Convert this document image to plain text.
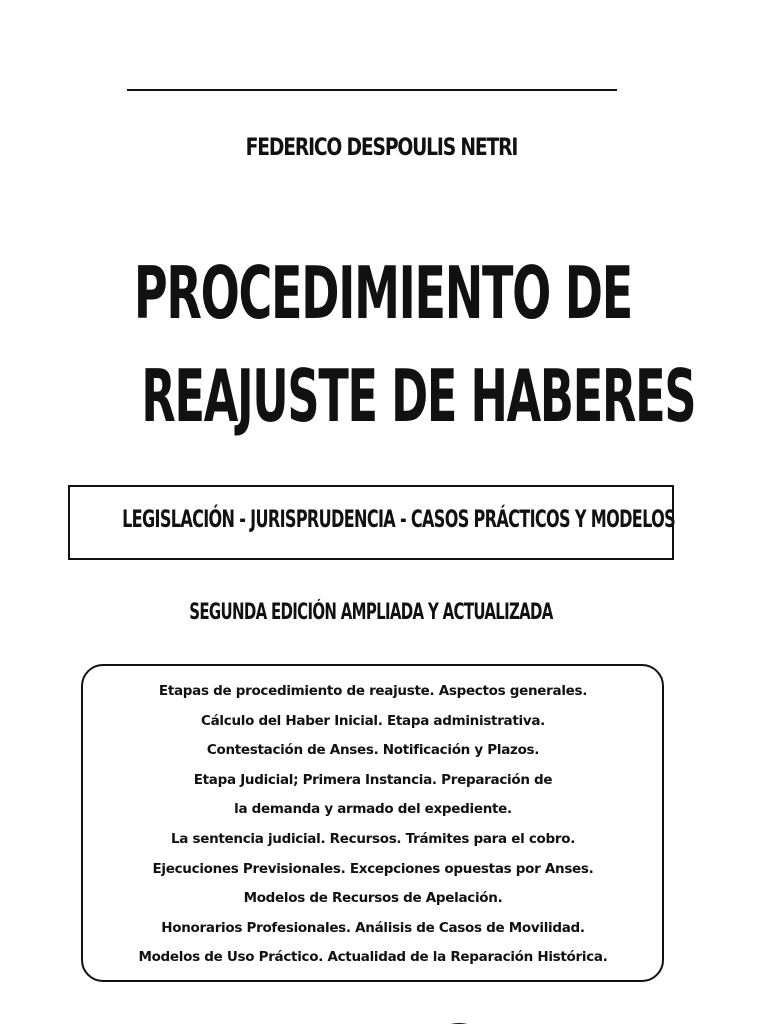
FEDERICO DESPOULIS NETRI
PROCEDIMIENTO DE
REAJUSTE DE HABERES
LEGISLACIÓN - JURISPRUDENCIA - CASOS PRÁCTICOS Y MODELOS
SEGUNDA EDICIÓN AMPLIADA Y ACTUALIZADA
Etapas de procedimiento de reajuste. Aspectos generales.
Cálculo del Haber Inicial. Etapa administrativa.
Contestación de Anses. Notificación y Plazos.
Etapa Judicial; Primera Instancia. Preparación de
la demanda y armado del expediente.
La sentencia judicial. Recursos. Trámites para el cobro.
Ejecuciones Previsionales. Excepciones opuestas por Anses.
Modelos de Recursos de Apelación.
Honorarios Profesionales. Análisis de Casos de Movilidad.
Modelos de Uso Práctico. Actualidad de la Reparación Histórica.
